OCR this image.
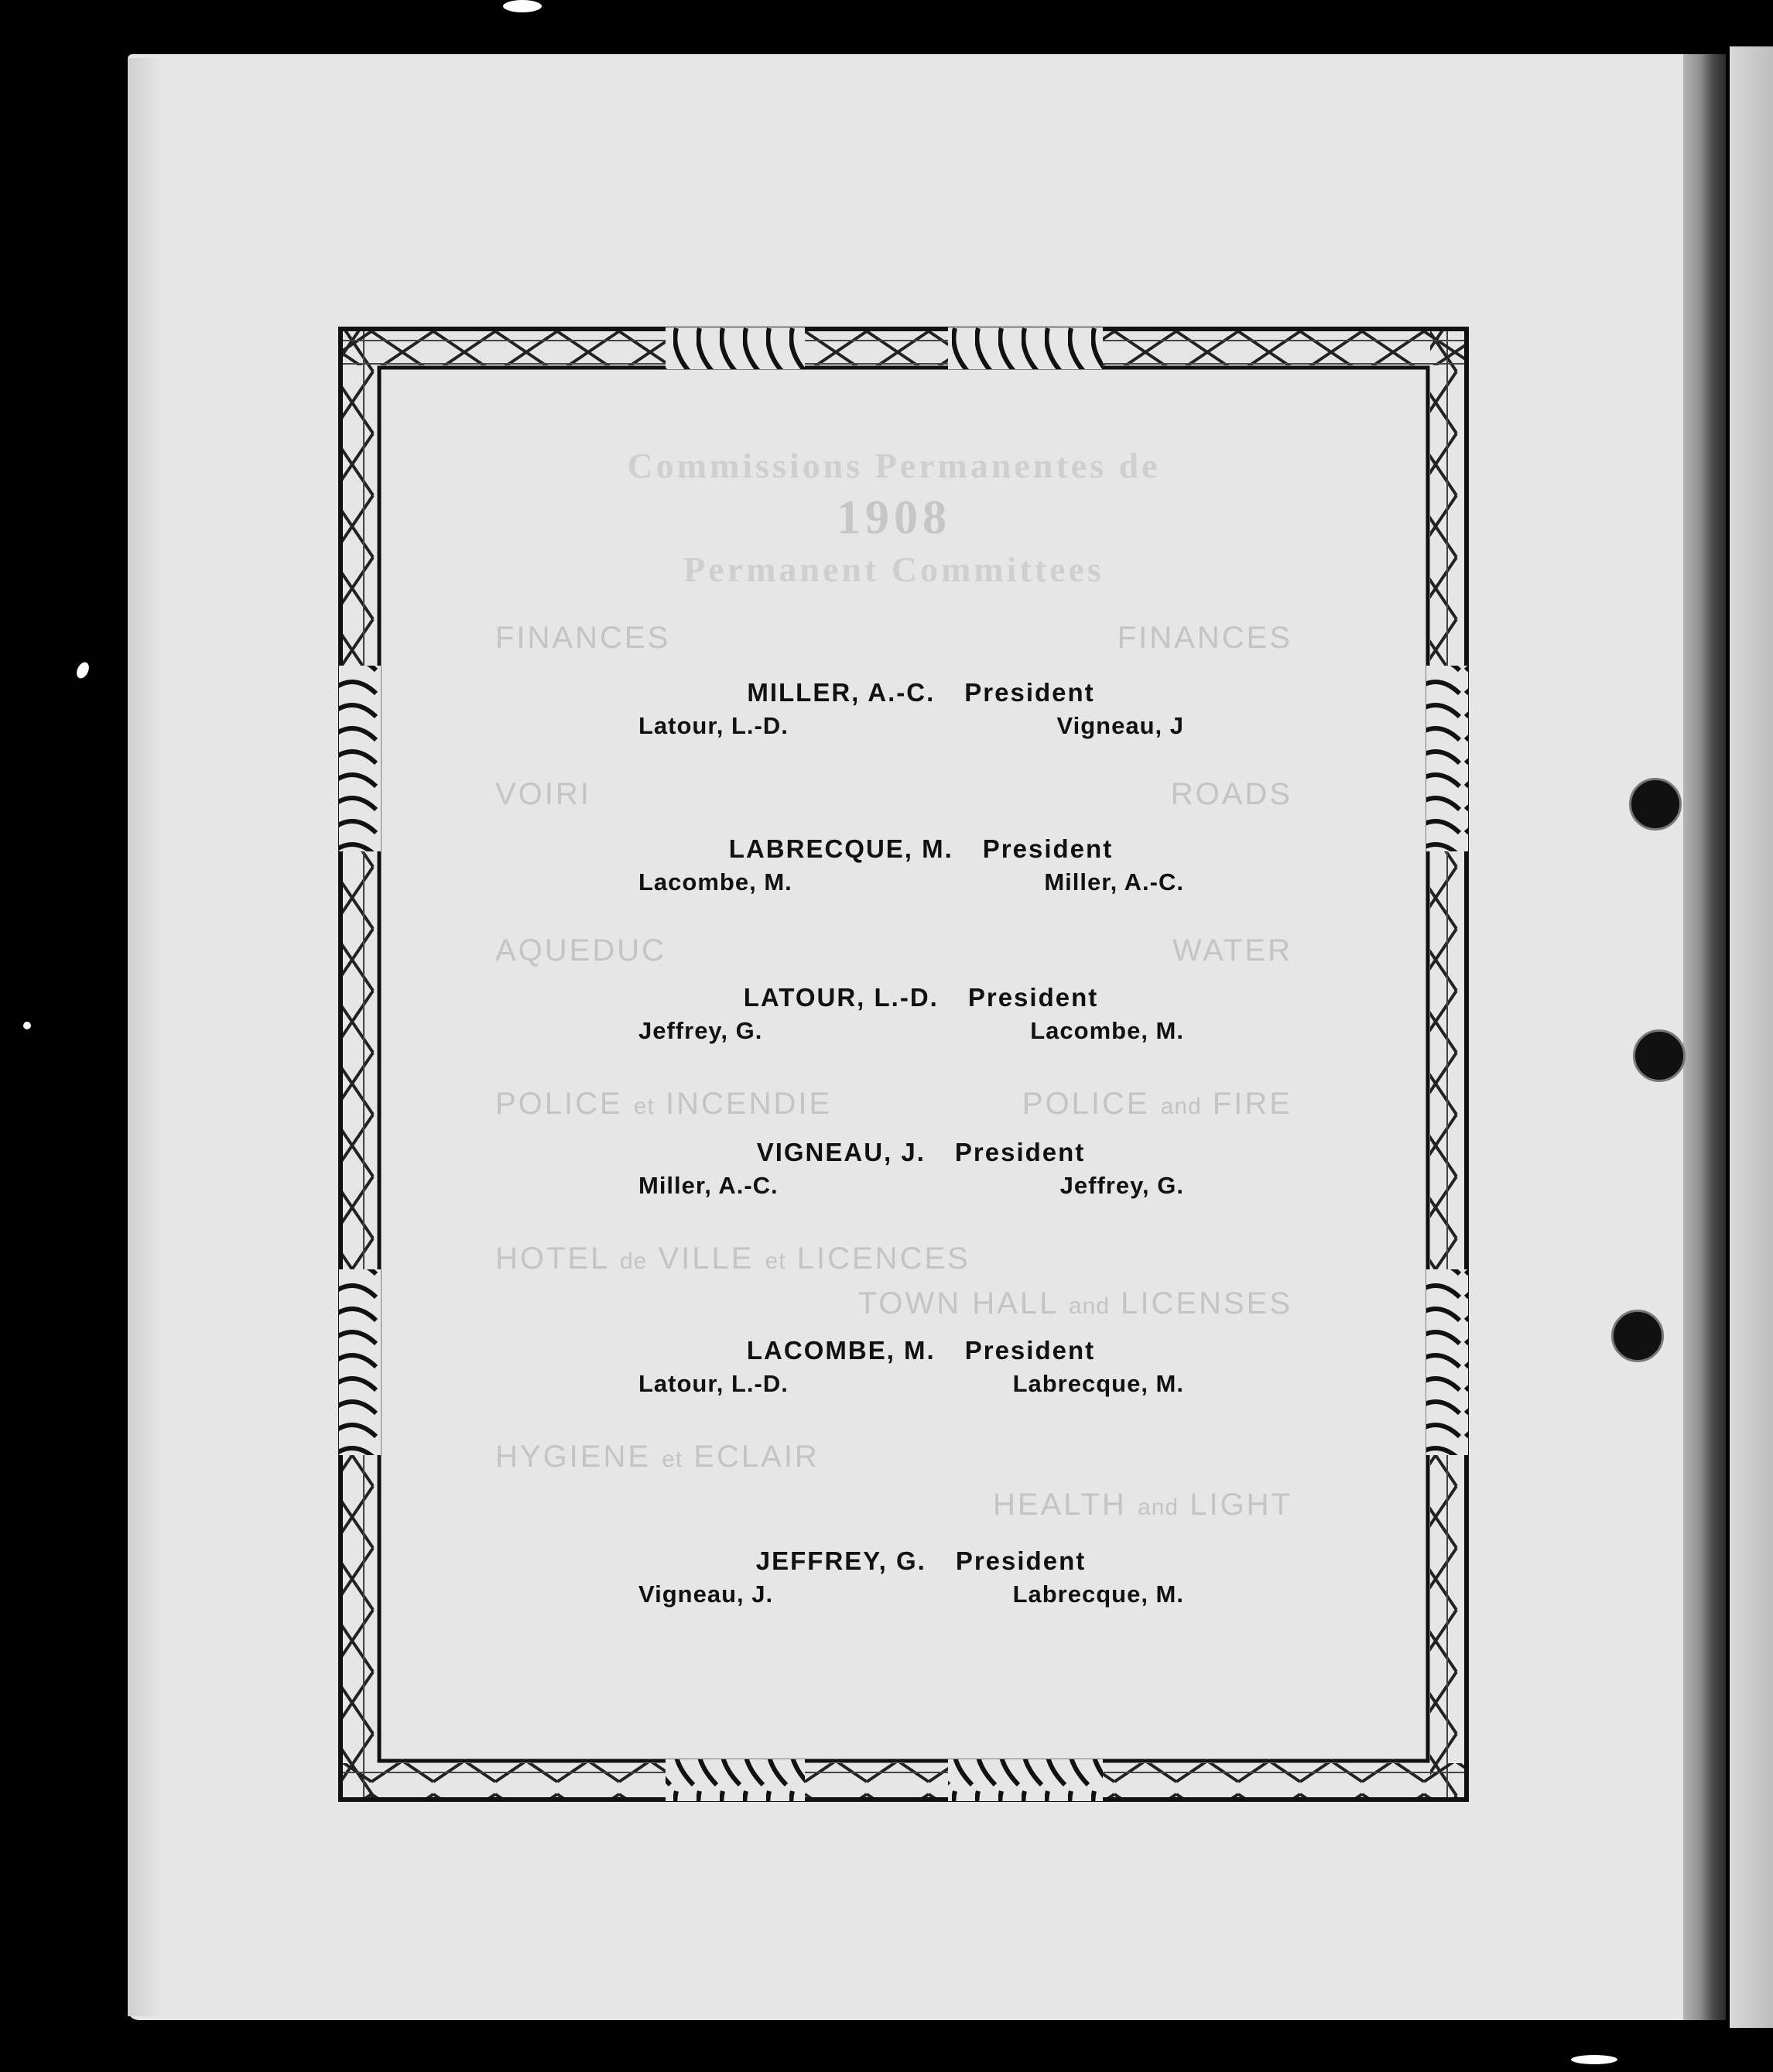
Commissions Permanentes de
1908
Permanent Committees
FINANCES	FINANCES
MILLER, A.-C. President
Latour, L.-D.	Vigneau, J
VOIRI	ROADS
LABRECQUE, M. President
Lacombe, M.	Miller, A.-C.
AQUEDUC	WATER
LATOUR, L.-D. President
Jeffrey, G.	Lacombe, M.
POLICE et INCENDIE	POLICE and FIRE
VIGNEAU, J. President
Miller, A.-C.	Jeffrey, G.
HOTEL de VILLE et LICENCES
TOWN HALL and LICENSES
LACOMBE, M. President
Latour, L.-D.	Labrecque, M.
HYGIENE et ECLAIR
HEALTH and LIGHT
JEFFREY, G. President
Vigneau, J.	Labrecque, M.
